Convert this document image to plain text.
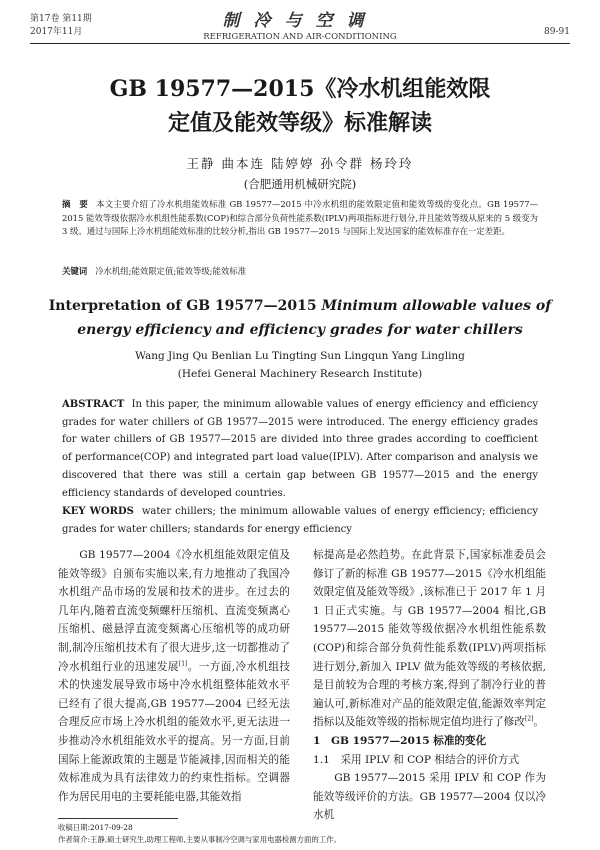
第17卷 第11期
2017年11月
制冷与空调
REFRIGERATION AND AIR-CONDITIONING	89-91
GB 19577—2015《冷水机组能效限
定值及能效等级》标准解读
王静 曲本连 陆婷婷 孙令群 杨玲玲
(合肥通用机械研究院)
摘　要 本文主要介绍了冷水机组能效标准 GB 19577—2015 中冷水机组的能效限定值和能效等级的变化点。GB 19577—2015 能效等级依据冷水机组性能系数(COP)和综合部分负荷性能系数(IPLV)两项指标进行划分,并且能效等级从原来的 5 级变为 3 级。通过与国际上冷水机组能效标准的比较分析,指出 GB 19577—2015 与国际上发达国家的能效标准存在一定差距。
关键词 冷水机组;能效限定值;能效等级;能效标准
Interpretation of GB 19577—2015 Minimum allowable values of
energy efficiency and efficiency grades for water chillers
Wang Jing Qu Benlian Lu Tingting Sun Lingqun Yang Lingling
(Hefei General Machinery Research Institute)
ABSTRACT In this paper, the minimum allowable values of energy efficiency and efficiency grades for water chillers of GB 19577—2015 were introduced. The energy efficiency grades for water chillers of GB 19577—2015 are divided into three grades according to coefficient of performance(COP) and integrated part load value(IPLV). After comparison and analysis we discovered that there was still a certain gap between GB 19577—2015 and the energy efficiency standards of developed countries.
KEY WORDS water chillers; the minimum allowable values of energy efficiency; efficiency grades for water chillers; standards for energy efficiency

GB 19577—2004《冷水机组能效限定值及能效等级》自颁布实施以来,有力地推动了我国冷水机组产品市场的发展和技术的进步。在过去的几年内,随着直流变频螺杆压缩机、直流变频离心压缩机、磁悬浮直流变频离心压缩机等的成功研制,制冷压缩机技术有了很大进步,这一切都推动了冷水机组行业的迅速发展[1]。一方面,冷水机组技术的快速发展导致市场中冷水机组整体能效水平已经有了很大提高,GB 19577—2004 已经无法合理反应市场上冷水机组的能效水平,更无法进一步推动冷水机组能效水平的提高。另一方面,目前国际上能源政策的主题是节能减排,因而相关的能效标准成为具有法律效力的约束性指标。空调器作为居民用电的主要耗能电器,其能效指

标提高是必然趋势。在此背景下,国家标准委员会修订了新的标准 GB 19577—2015《冷水机组能效限定值及能效等级》,该标准已于 2017 年 1 月 1 日正式实施。与 GB 19577—2004 相比,GB 19577—2015 能效等级依据冷水机组性能系数(COP)和综合部分负荷性能系数(IPLV)两项指标进行划分,新加入 IPLV 做为能效等级的考核依据,是目前较为合理的考核方案,得到了制冷行业的普遍认可,新标准对产品的能效限定值,能源效率判定指标以及能效等级的指标规定值均进行了修改[2]。

1　GB 19577—2015 标准的变化

1.1　采用 IPLV 和 COP 相结合的评价方式

GB 19577—2015 采用 IPLV 和 COP 作为能效等级评价的方法。GB 19577—2004 仅以冷水机

收稿日期:2017-09-28
作者简介:王静,硕士研究生,助理工程师,主要从事制冷空调与家用电器检测方面的工作。
